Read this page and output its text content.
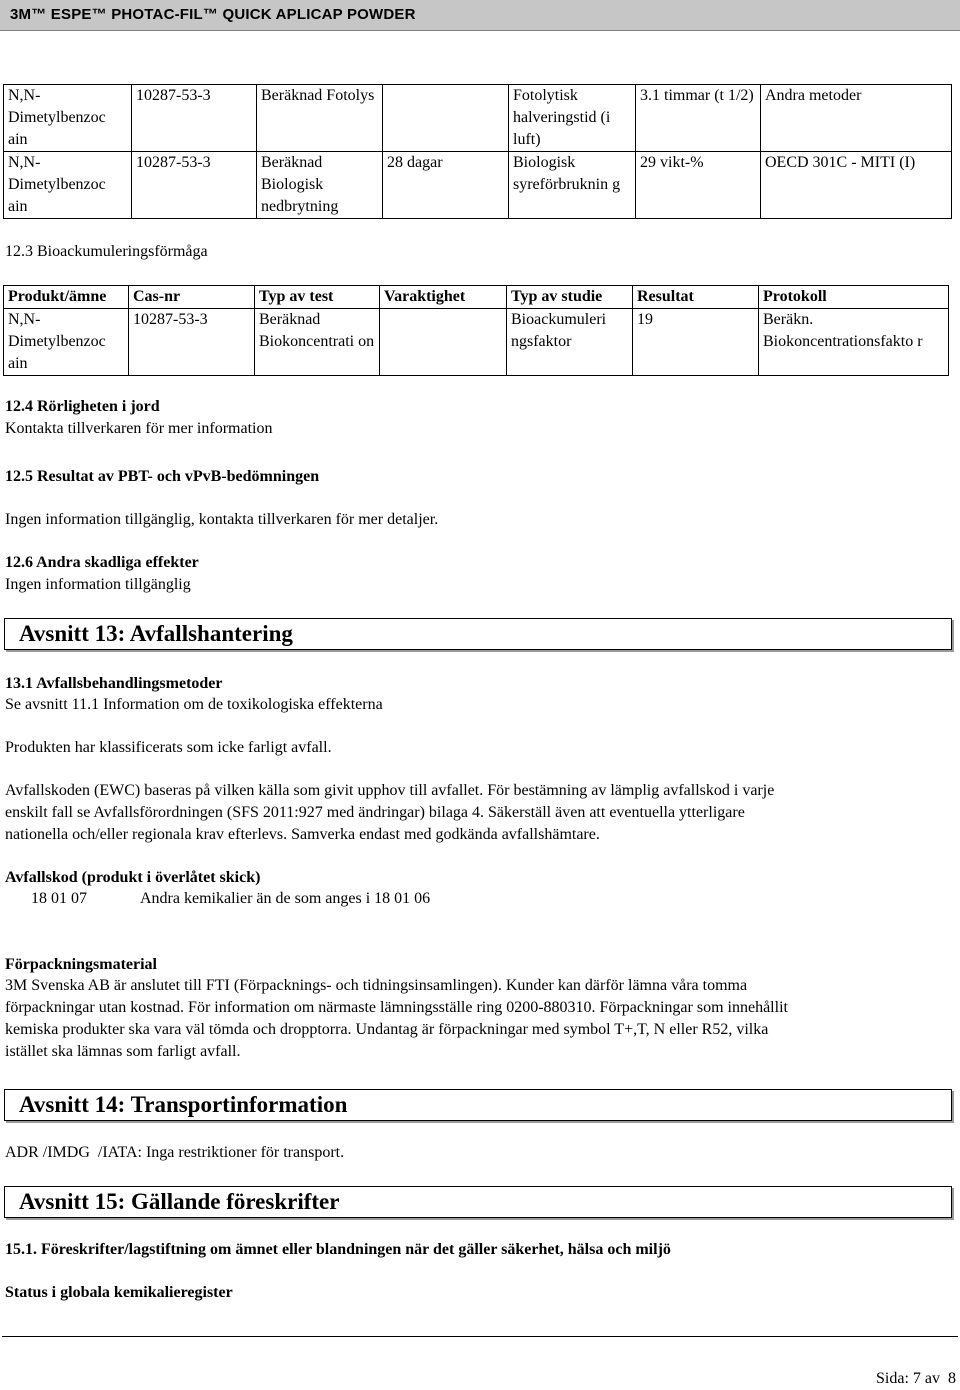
3M™ ESPE™ PHOTAC-FIL™ QUICK APLICAP POWDER
N,N-Dimetylbenzoc ain	10287-53-3	Beräknad Fotolys		Fotolytisk halveringstid (i luft)	3.1 timmar (t 1/2)	Andra metoder
N,N-Dimetylbenzoc ain	10287-53-3	Beräknad Biologisk nedbrytning	28 dagar	Biologisk syreförbruknin g	29 vikt-%	OECD 301C - MITI (I)
12.3 Bioackumuleringsförmåga
Produkt/ämne	Cas-nr	Typ av test	Varaktighet	Typ av studie	Resultat	Protokoll
N,N-Dimetylbenzoc ain	10287-53-3	Beräknad Biokoncentrati on		Bioackumuleri ngsfaktor	19	Beräkn. Biokoncentrationsfakto r
12.4 Rörligheten i jord
Kontakta tillverkaren för mer information
12.5 Resultat av PBT- och vPvB-bedömningen
Ingen information tillgänglig, kontakta tillverkaren för mer detaljer.
12.6 Andra skadliga effekter
Ingen information tillgänglig
Avsnitt 13: Avfallshantering
13.1 Avfallsbehandlingsmetoder
Se avsnitt 11.1 Information om de toxikologiska effekterna
Produkten har klassificerats som icke farligt avfall.
Avfallskoden (EWC) baseras på vilken källa som givit upphov till avfallet. För bestämning av lämplig avfallskod i varje
enskilt fall se Avfallsförordningen (SFS 2011:927 med ändringar) bilaga 4. Säkerställ även att eventuella ytterligare
nationella och/eller regionala krav efterlevs. Samverka endast med godkända avfallshämtare.
Avfallskod (produkt i överlåtet skick)
18 01 07	Andra kemikalier än de som anges i 18 01 06
Förpackningsmaterial
3M Svenska AB är anslutet till FTI (Förpacknings- och tidningsinsamlingen). Kunder kan därför lämna våra tomma
förpackningar utan kostnad. För information om närmaste lämningsställe ring 0200-880310. Förpackningar som innehållit
kemiska produkter ska vara väl tömda och dropptorra. Undantag är förpackningar med symbol T+,T, N eller R52, vilka
istället ska lämnas som farligt avfall.
Avsnitt 14: Transportinformation
ADR /IMDG  /IATA: Inga restriktioner för transport.
Avsnitt 15: Gällande föreskrifter
15.1. Föreskrifter/lagstiftning om ämnet eller blandningen när det gäller säkerhet, hälsa och miljö
Status i globala kemikalieregister
Sida: 7 av  8
